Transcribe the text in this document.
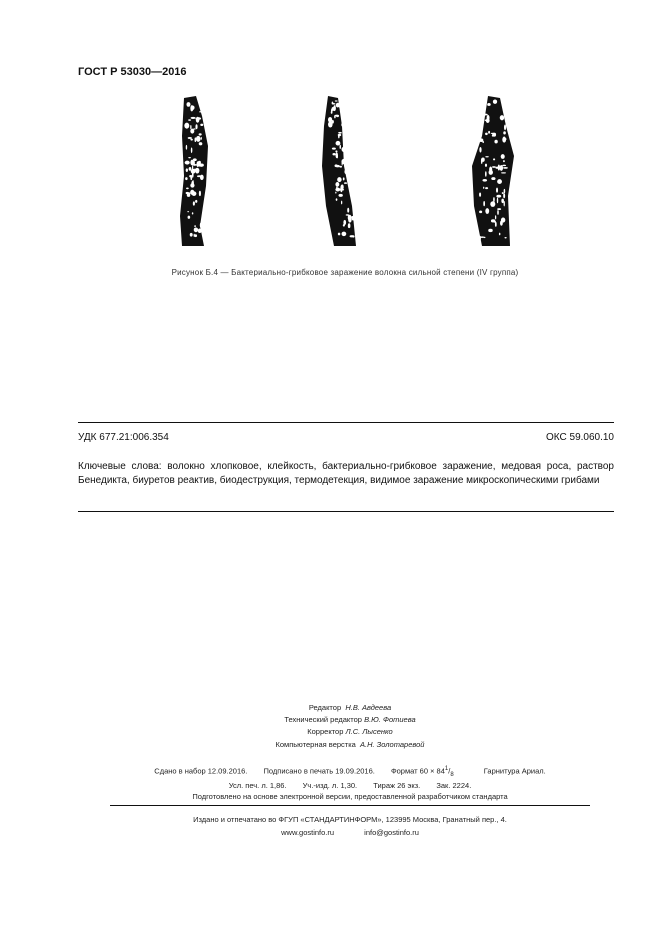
ГОСТ Р 53030—2016
Рисунок Б.4 — Бактериально-грибковое заражение волокна сильной степени (IV группа)
УДК 677.21:006.354	ОКС 59.060.10
Ключевые слова: волокно хлопковое, клейкость, бактериально-грибковое заражение, медовая роса, раствор Бенедикта, биуретов реактив, биодеструкция, термодетекция, видимое заражение микроскопическими грибами
Редактор Н.В. Авдеева
Технический редактор В.Ю. Фотиева
Корректор Л.С. Лысенко
Компьютерная верстка А.Н. Золотаревой
Сдано в набор 12.09.2016. Подписано в печать 19.09.2016. Формат $60 \times 84^1/_8$	Гарнитура Ариал.
Усл. печ. л. 1,86. Уч.-изд. л. 1,30. Тираж 26 экз. Зак. 2224.
Подготовлено на основе электронной версии, предоставленной разработчиком стандарта
Издано и отпечатано во ФГУП «СТАНДАРТИНФОРМ», 123995 Москва, Гранатный пер., 4.
www.gostinfo.ru	info@gostinfo.ru
